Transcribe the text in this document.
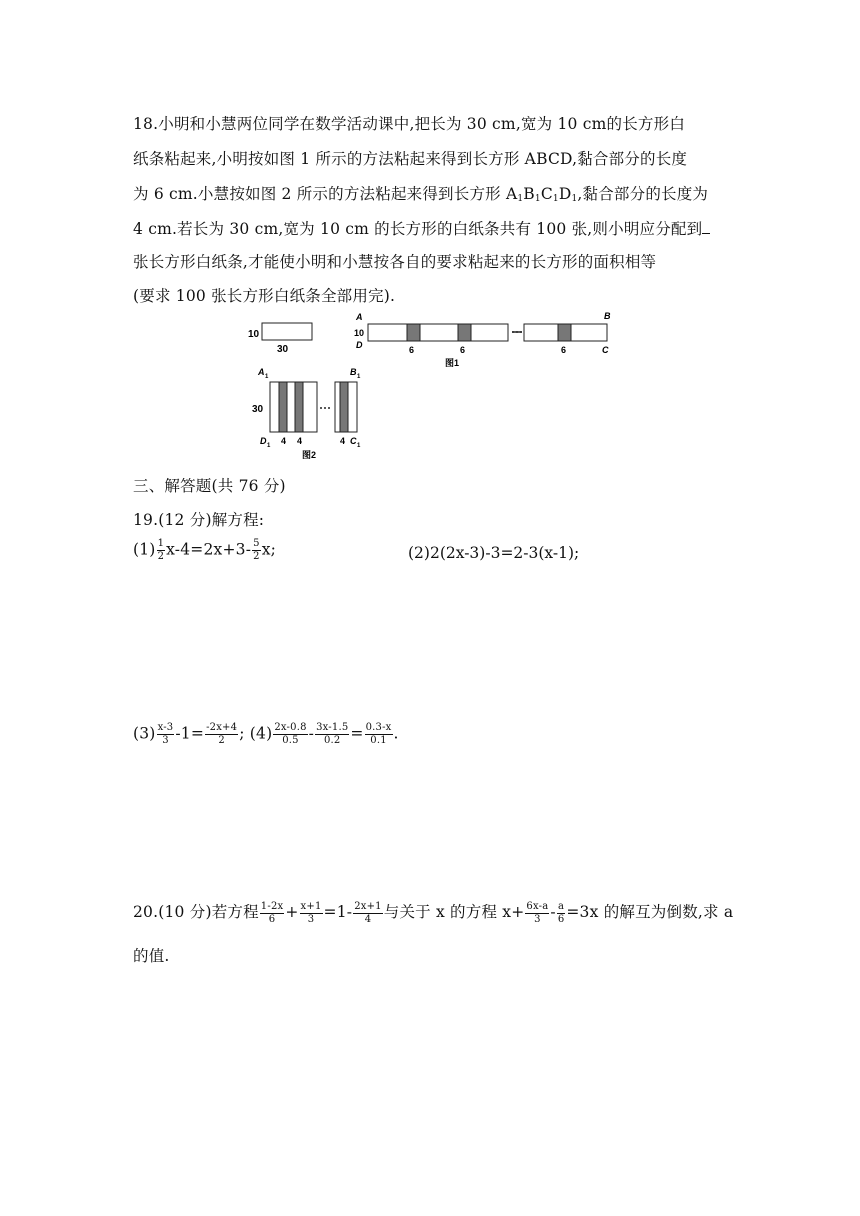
18.小明和小慧两位同学在数学活动课中,把长为 30 cm,宽为 10 cm的长方形白
纸条粘起来,小明按如图 1 所示的方法粘起来得到长方形 ABCD,黏合部分的长度
为 6 cm.小慧按如图 2 所示的方法粘起来得到长方形 $A_1B_1C_1D_1$,黏合部分的长度为
4 cm.若长为 30 cm,宽为 10 cm 的长方形的白纸条共有 100 张,则小明应分配到
张长方形白纸条,才能使小明和小慧按各自的要求粘起来的长方形的面积相等
(要求 100 张长方形白纸条全部用完).
10
30
A
10
D	6	6	6
B
C
图1
A 1
30
B 1
D 1 4 4	4 C 1
图2
三、解答题(共 76 分)
19.(12 分)解方程:
$(1) \frac{1}{2} x-4=2x+3- \frac{5}{2} x$;	(2)2(2x-3)-3=2-3(x-1);
$(3) \frac{x-3}{3} -1= \frac{-2x+4}{2}$ ; $(4) \frac{2x-0.8}{0.5} - \frac{3x-1.5}{0.2} = \frac{0.3-x}{0.1}$ .
20.(10 分)若方程 $\frac{1-2x}{6} + \frac{x+1}{3} =1- \frac{2x+1}{4}$ 与关于 x 的方程 $x+ \frac{6x-a}{3} - \frac{a}{6} =3x$ 的解互为倒数,求 a
的值.
